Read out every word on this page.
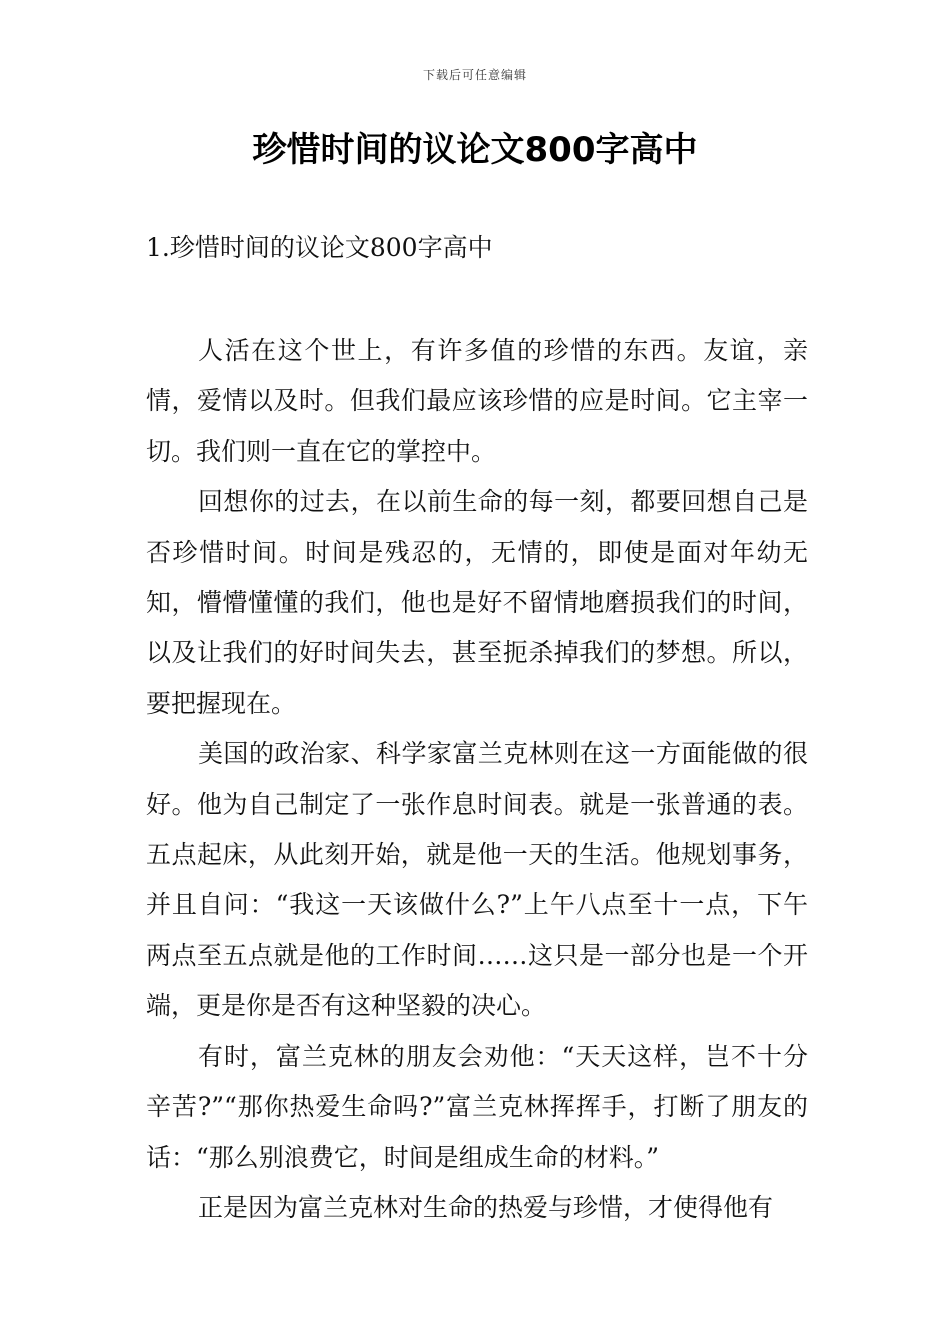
下载后可任意编辑
珍惜时间的议论文800字高中
1.珍惜时间的议论文800字高中

人活在这个世上，有许多值的珍惜的东西。友谊，亲情，爱情以及时。但我们最应该珍惜的应是时间。它主宰一切。我们则一直在它的掌控中。

回想你的过去，在以前生命的每一刻，都要回想自己是否珍惜时间。时间是残忍的，无情的，即使是面对年幼无知，懵懵懂懂的我们，他也是好不留情地磨损我们的时间，以及让我们的好时间失去，甚至扼杀掉我们的梦想。所以，要把握现在。

美国的政治家、科学家富兰克林则在这一方面能做的很好。他为自己制定了一张作息时间表。就是一张普通的表。五点起床，从此刻开始，就是他一天的生活。他规划事务，并且自问：“我这一天该做什么?”上午八点至十一点，下午两点至五点就是他的工作时间……这只是一部分也是一个开端，更是你是否有这种坚毅的决心。

有时，富兰克林的朋友会劝他：“天天这样，岂不十分辛苦?”“那你热爱生命吗?”富兰克林挥挥手，打断了朋友的话：“那么别浪费它，时间是组成生命的材料。”

正是因为富兰克林对生命的热爱与珍惜，才使得他有
